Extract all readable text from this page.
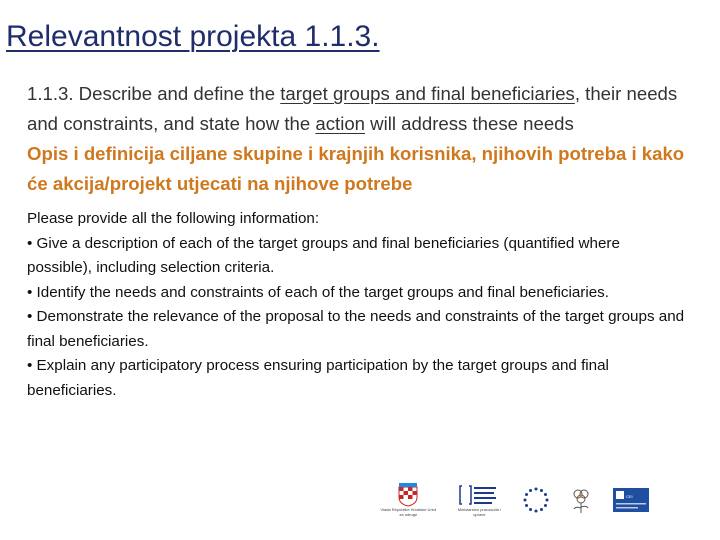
Relevantnost projekta 1.1.3.

1.1.3. Describe and define the target groups and final beneficiaries, their needs and constraints, and state how the action will address these needs

Opis i definicija ciljane skupine i krajnjih korisnika, njihovih potreba i kako će akcija/projekt utjecati na njihove potrebe

Please provide all the following information:
• Give a description of each of the target groups and final beneficiaries (quantified where possible), including selection criteria.
• Identify the needs and constraints of each of the target groups and final beneficiaries.
• Demonstrate the relevance of the proposal to the needs and constraints of the target groups and final beneficiaries.
• Explain any participatory process ensuring participation by the target groups and final beneficiaries.
Vlada Republike Hrvatske Ured za udruge
Ministarstvo pravosuđa i uprave
CEI
